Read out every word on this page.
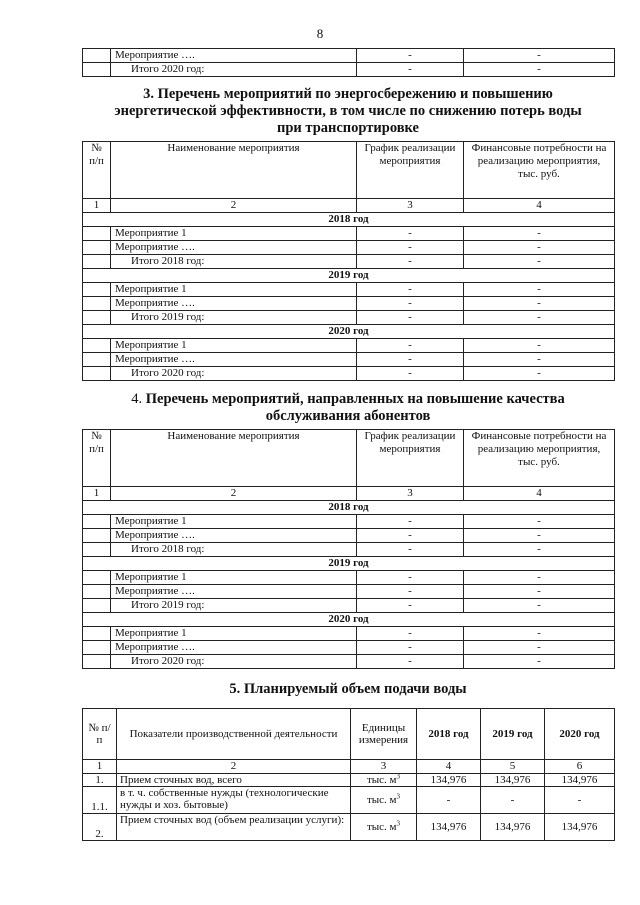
8
	Мероприятие ….	-	-
	Итого 2020 год:	-	-
3. Перечень мероприятий по энергосбережению и повышению
энергетической эффективности, в том числе по снижению потерь воды
при транспортировке
№ п/п	Наименование мероприятия	График реализации мероприятия	Финансовые потребности на реализацию мероприятия, тыс. руб.
1	2	3	4
2018 год			
	Мероприятие 1	-	-
	Мероприятие ….	-	-
	Итого 2018 год:	-	-
2019 год			
	Мероприятие 1	-	-
	Мероприятие ….	-	-
	Итого 2019 год:	-	-
2020 год			
	Мероприятие 1	-	-
	Мероприятие ….	-	-
	Итого 2020 год:	-	-
4. Перечень мероприятий, направленных на повышение качества
обслуживания абонентов
№ п/п	Наименование мероприятия	График реализации мероприятия	Финансовые потребности на реализацию мероприятия, тыс. руб.
1	2	3	4
2018 год			
	Мероприятие 1	-	-
	Мероприятие ….	-	-
	Итого 2018 год:	-	-
2019 год			
	Мероприятие 1	-	-
	Мероприятие ….	-	-
	Итого 2019 год:	-	-
2020 год			
	Мероприятие 1	-	-
	Мероприятие ….	-	-
	Итого 2020 год:	-	-
5. Планируемый объем подачи воды
№ п/п	Показатели производственной деятельности	Единицы измерения	2018 год	2019 год	2020 год
1	2	3	4	5	6
1.	Прием сточных вод, всего	тыс. $м^3$	134,976	134,976	134,976
1.1.	в т. ч. собственные нужды (технологические нужды и хоз. бытовые)	тыс. $м^3$	-	-	-
2.	Прием сточных вод (объем реализации услуги):	тыс. $м^3$	134,976	134,976	134,976
